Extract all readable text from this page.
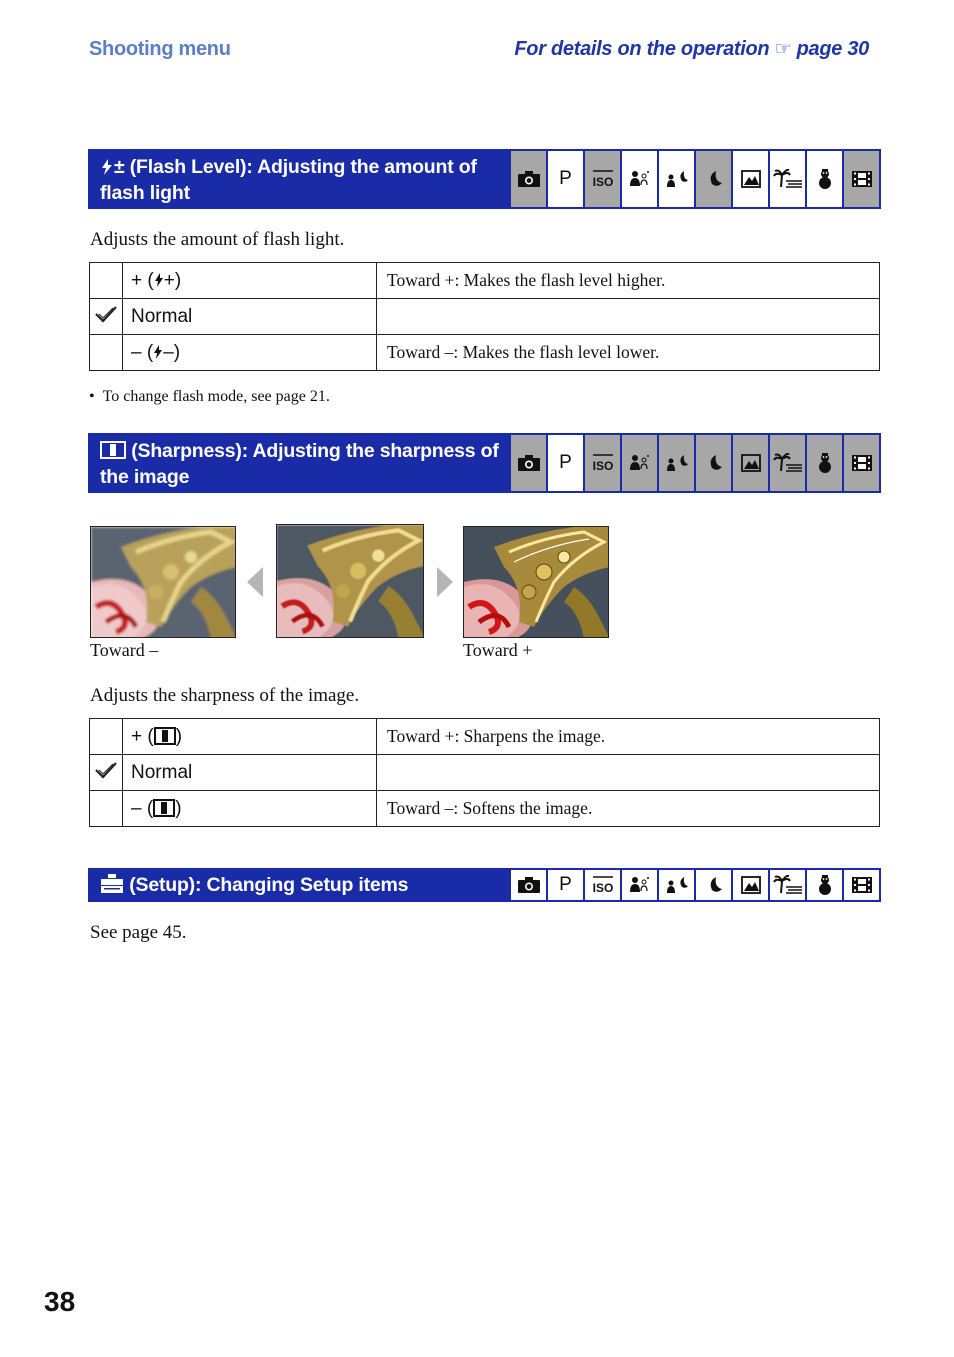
Shooting menu	For details on the operation ☞ page 30
± (Flash Level): Adjusting the amount of
flash light
P ISO
Adjusts the amount of flash light.
	+ ( +)	Toward +: Makes the flash level higher.
	Normal	
	– ( –)	Toward –: Makes the flash level lower.
•  To change flash mode, see page 21.
(Sharpness): Adjusting the sharpness of
the image
P ISO
Toward –	Toward +
Adjusts the sharpness of the image.
	+ ( )	Toward +: Sharpens the image.
	Normal	
	– ( )	Toward –: Softens the image.
(Setup): Changing Setup items	P ISO
See page 45.
38
